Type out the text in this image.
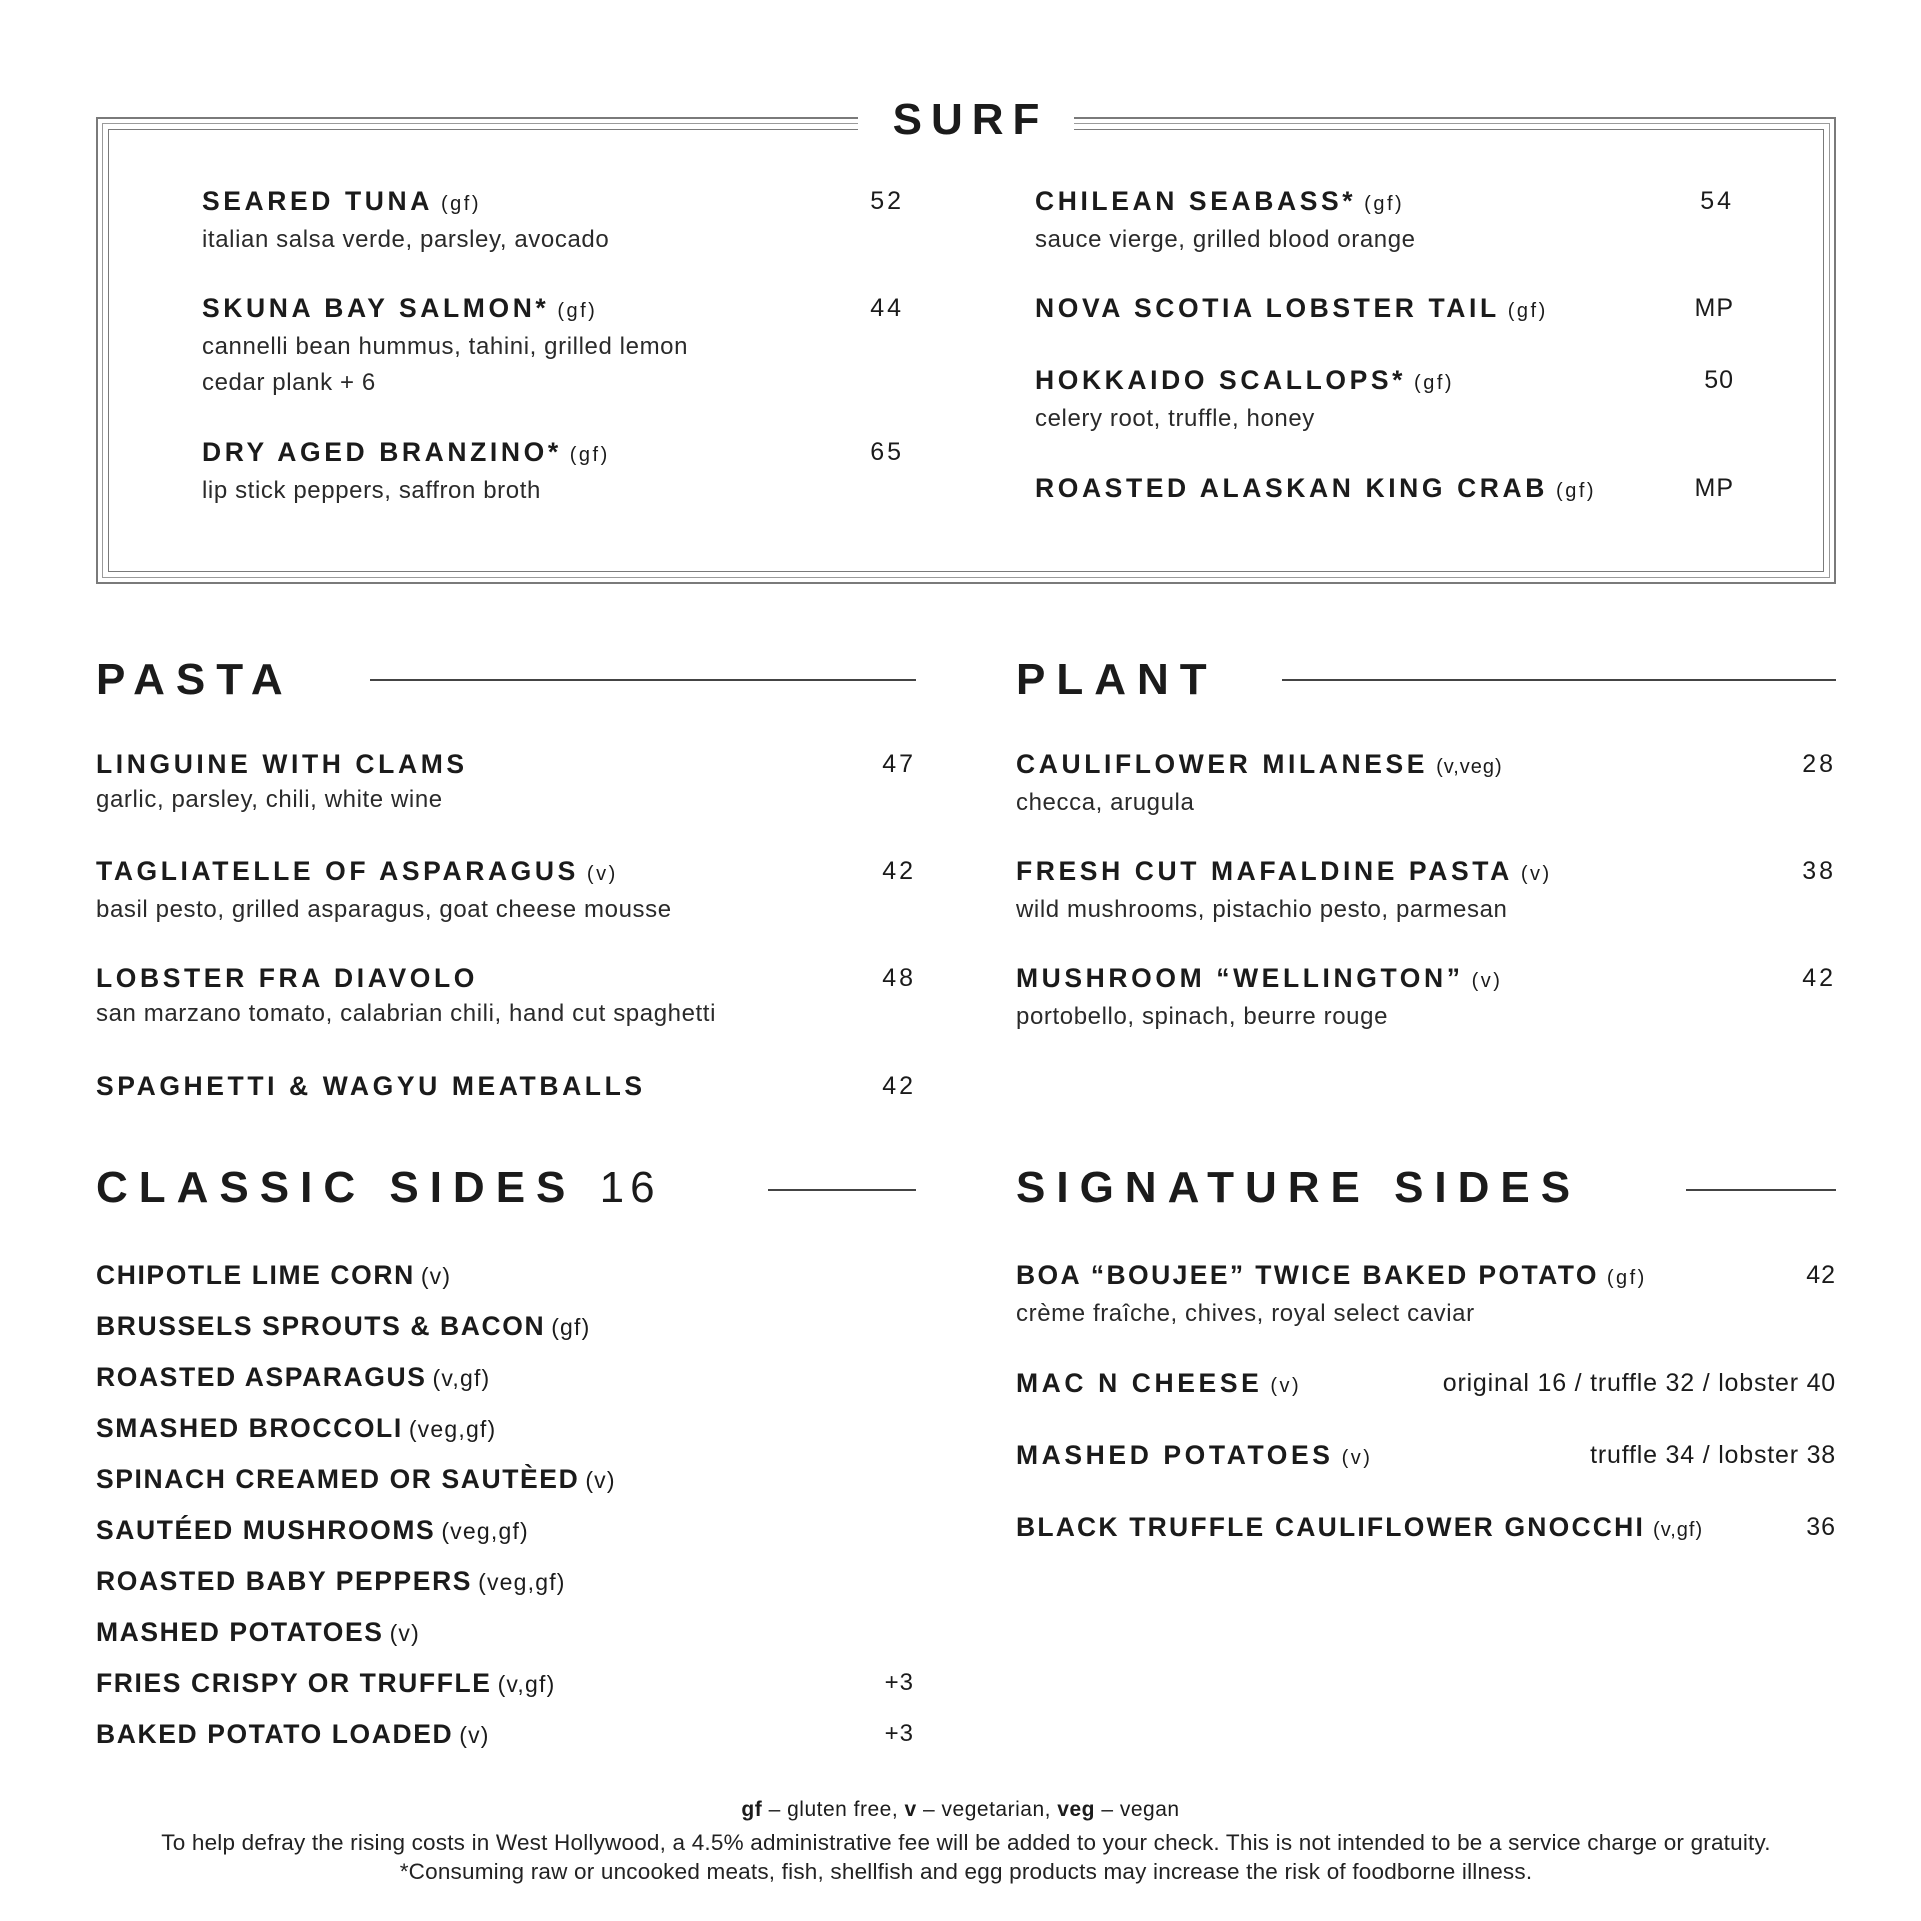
SURF
SEARED TUNA (gf)
italian salsa verde, parsley, avocado
52
SKUNA BAY SALMON* (gf)
cannelli bean hummus, tahini, grilled lemon
cedar plank + 6
44
DRY AGED BRANZINO* (gf)
lip stick peppers, saffron broth
65
CHILEAN SEABASS* (gf)
sauce vierge, grilled blood orange
54
NOVA SCOTIA LOBSTER TAIL (gf)	MP
HOKKAIDO SCALLOPS* (gf)
celery root, truffle, honey
50
ROASTED ALASKAN KING CRAB (gf)	MP
PASTA
LINGUINE WITH CLAMS
garlic, parsley, chili, white wine
47
TAGLIATELLE OF ASPARAGUS (v)
basil pesto, grilled asparagus, goat cheese mousse
42
LOBSTER FRA DIAVOLO
san marzano tomato, calabrian chili, hand cut spaghetti
48
SPAGHETTI & WAGYU MEATBALLS	42
PLANT
CAULIFLOWER MILANESE (v,veg)
checca, arugula
28
FRESH CUT MAFALDINE PASTA (v)
wild mushrooms, pistachio pesto, parmesan
38
MUSHROOM “WELLINGTON” (v)
portobello, spinach, beurre rouge
42
CLASSIC SIDES 16
CHIPOTLE LIME CORN (v)
BRUSSELS SPROUTS & BACON (gf)
ROASTED ASPARAGUS (v,gf)
SMASHED BROCCOLI (veg,gf)
SPINACH CREAMED OR SAUTÈED (v)
SAUTÉED MUSHROOMS (veg,gf)
ROASTED BABY PEPPERS (veg,gf)
MASHED POTATOES (v)
FRIES CRISPY OR TRUFFLE (v,gf)	+3
BAKED POTATO LOADED (v)	+3
SIGNATURE SIDES
BOA “BOUJEE” TWICE BAKED POTATO (gf)
crème fraîche, chives, royal select caviar
42
MAC N CHEESE (v)	original 16 / truffle 32 / lobster 40
MASHED POTATOES (v)	truffle 34 / lobster 38
BLACK TRUFFLE CAULIFLOWER GNOCCHI (v,gf)	36
gf – gluten free, v – vegetarian, veg – vegan
To help defray the rising costs in West Hollywood, a 4.5% administrative fee will be added to your check. This is not intended to be a service charge or gratuity. *Consuming raw or uncooked meats, fish, shellfish and egg products may increase the risk of foodborne illness.
